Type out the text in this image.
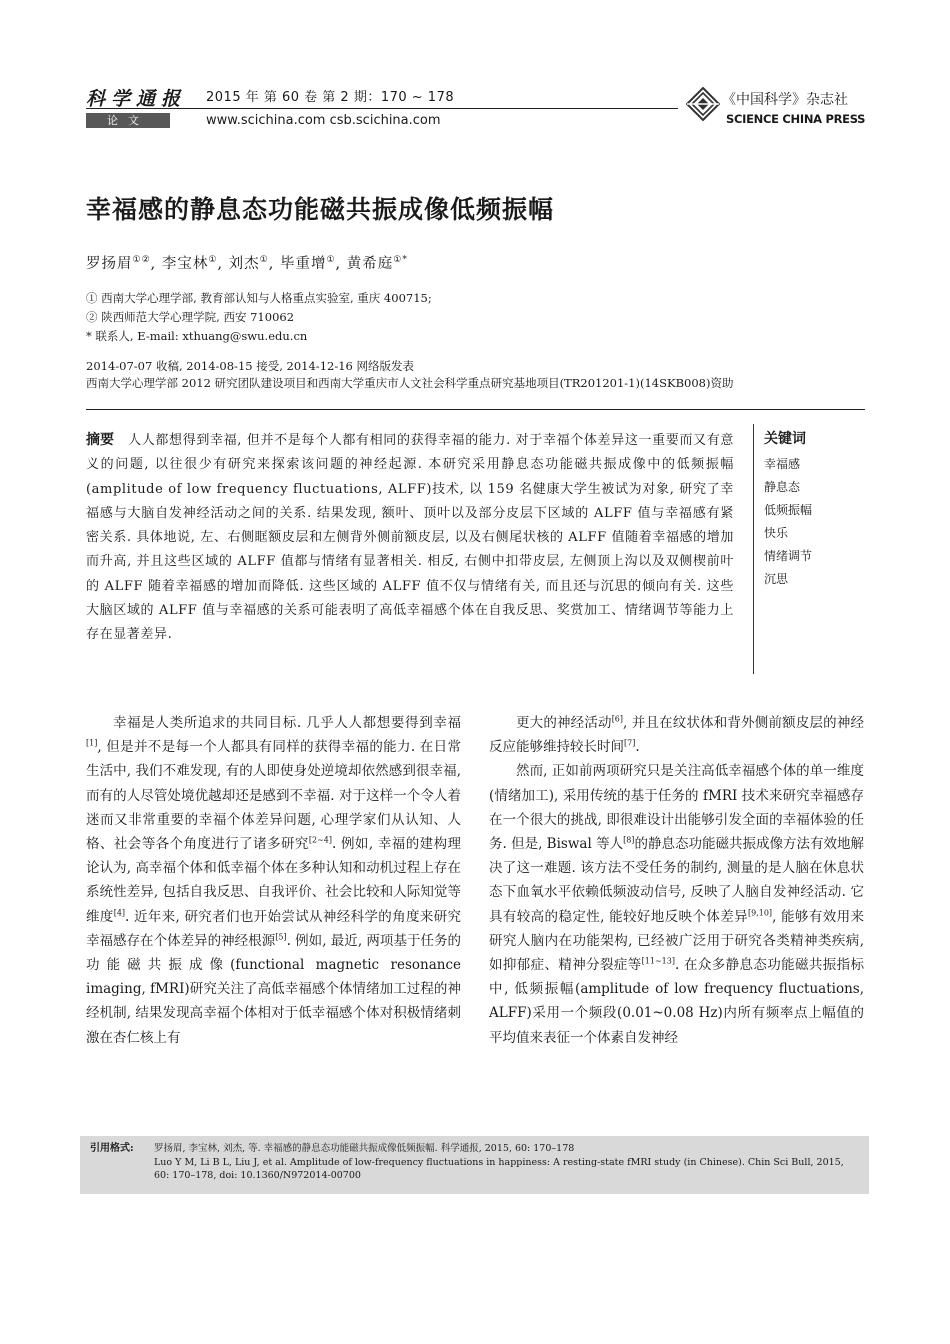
科学通报 2015 年 第 60 卷 第 2 期：170 ~ 178
论文	www.scichina.com csb.scichina.com
《中国科学》杂志社
SCIENCE CHINA PRESS
幸福感的静息态功能磁共振成像低频振幅
罗扬眉①②, 李宝林①, 刘杰①, 毕重增①, 黄希庭①*
① 西南大学心理学部, 教育部认知与人格重点实验室, 重庆 400715;
② 陕西师范大学心理学院, 西安 710062
* 联系人, E-mail: xthuang@swu.edu.cn
2014-07-07 收稿, 2014-08-15 接受, 2014-12-16 网络版发表
西南大学心理学部 2012 研究团队建设项目和西南大学重庆市人文社会科学重点研究基地项目(TR201201-1)(14SKB008)资助
摘要 人人都想得到幸福, 但并不是每个人都有相同的获得幸福的能力. 对于幸福个体差异这一重要而又有意义的问题, 以往很少有研究来探索该问题的神经起源. 本研究采用静息态功能磁共振成像中的低频振幅(amplitude of low frequency fluctuations, ALFF)技术, 以 159 名健康大学生被试为对象, 研究了幸福感与大脑自发神经活动之间的关系. 结果发现, 额叶、顶叶以及部分皮层下区域的 ALFF 值与幸福感有紧密关系. 具体地说, 左、右侧眶额皮层和左侧背外侧前额皮层, 以及右侧尾状核的 ALFF 值随着幸福感的增加而升高, 并且这些区域的 ALFF 值都与情绪有显著相关. 相反, 右侧中扣带皮层, 左侧顶上沟以及双侧楔前叶的 ALFF 随着幸福感的增加而降低. 这些区域的 ALFF 值不仅与情绪有关, 而且还与沉思的倾向有关. 这些大脑区域的 ALFF 值与幸福感的关系可能表明了高低幸福感个体在自我反思、奖赏加工、情绪调节等能力上存在显著差异.
关键词
幸福感
静息态
低频振幅
快乐
情绪调节
沉思

幸福是人类所追求的共同目标. 几乎人人都想要得到幸福[1], 但是并不是每一个人都具有同样的获得幸福的能力. 在日常生活中, 我们不难发现, 有的人即使身处逆境却依然感到很幸福, 而有的人尽管处境优越却还是感到不幸福. 对于这样一个令人着迷而又非常重要的幸福个体差异问题, 心理学家们从认知、人格、社会等各个角度进行了诸多研究[2~4]. 例如, 幸福的建构理论认为, 高幸福个体和低幸福个体在多种认知和动机过程上存在系统性差异, 包括自我反思、自我评价、社会比较和人际知觉等维度[4]. 近年来, 研究者们也开始尝试从神经科学的角度来研究幸福感存在个体差异的神经根源[5]. 例如, 最近, 两项基于任务的功能磁共振成像(functional magnetic resonance imaging, fMRI)研究关注了高低幸福感个体情绪加工过程的神经机制, 结果发现高幸福个体相对于低幸福感个体对积极情绪刺激在杏仁核上有

更大的神经活动[6], 并且在纹状体和背外侧前额皮层的神经反应能够维持较长时间[7].

然而, 正如前两项研究只是关注高低幸福感个体的单一维度(情绪加工), 采用传统的基于任务的 fMRI 技术来研究幸福感存在一个很大的挑战, 即很难设计出能够引发全面的幸福体验的任务. 但是, Biswal 等人[8]的静息态功能磁共振成像方法有效地解决了这一难题. 该方法不受任务的制约, 测量的是人脑在休息状态下血氧水平依赖低频波动信号, 反映了人脑自发神经活动. 它具有较高的稳定性, 能较好地反映个体差异[9,10], 能够有效用来研究人脑内在功能架构, 已经被广泛用于研究各类精神类疾病, 如抑郁症、精神分裂症等[11~13]. 在众多静息态功能磁共振指标中, 低频振幅(amplitude of low frequency fluctuations, ALFF)采用一个频段(0.01~0.08 Hz)内所有频率点上幅值的平均值来表征一个体素自发神经

引用格式: 罗扬眉, 李宝林, 刘杰, 等. 幸福感的静息态功能磁共振成像低频振幅. 科学通报, 2015, 60: 170–178
Luo Y M, Li B L, Liu J, et al. Amplitude of low-frequency fluctuations in happiness: A resting-state fMRI study (in Chinese). Chin Sci Bull, 2015, 60: 170–178, doi: 10.1360/N972014-00700
